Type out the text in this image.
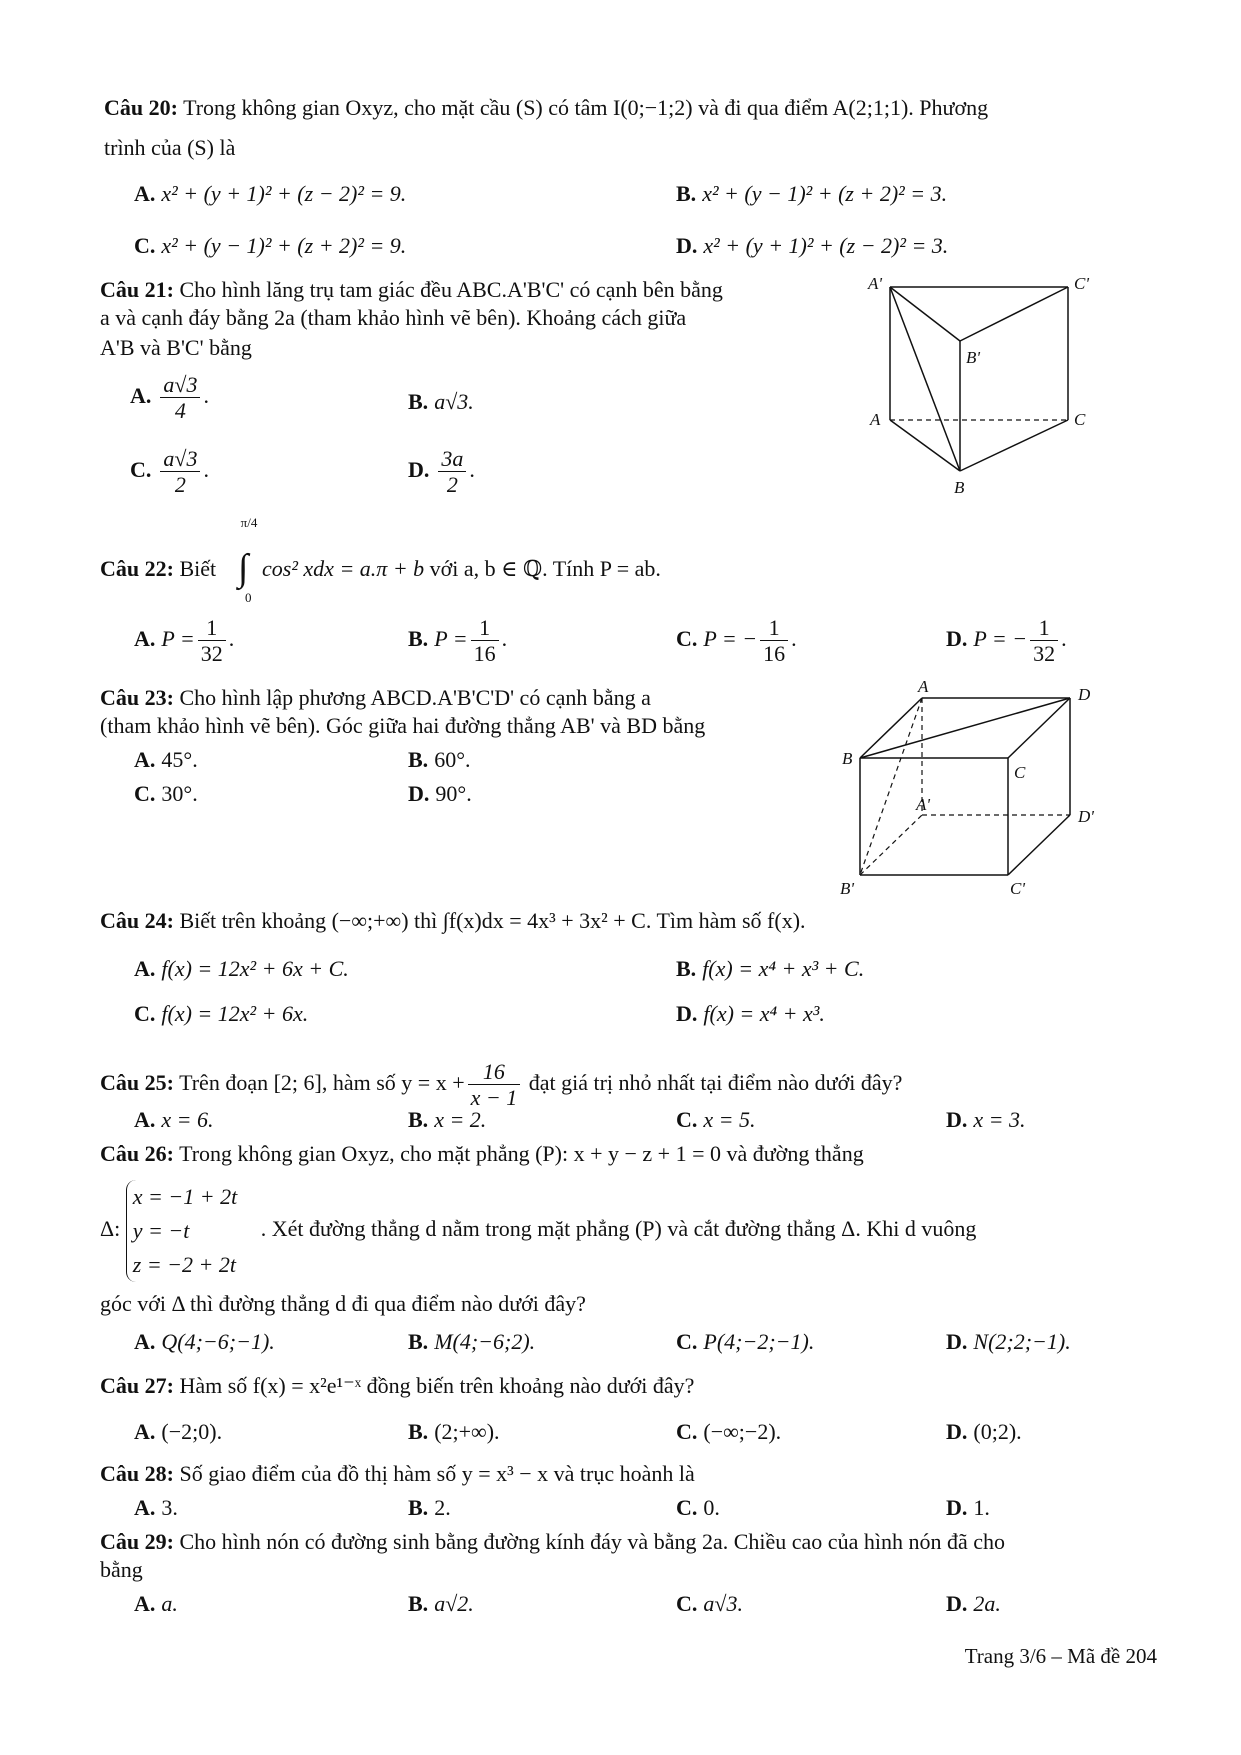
Câu 20: Trong không gian Oxyz, cho mặt cầu (S) có tâm I(0;−1;2) và đi qua điểm A(2;1;1). Phương
trình của (S) là
A. x² + (y + 1)² + (z − 2)² = 9.	B. x² + (y − 1)² + (z + 2)² = 3.
C. x² + (y − 1)² + (z + 2)² = 9.	D. x² + (y + 1)² + (z − 2)² = 3.
Câu 21: Cho hình lăng trụ tam giác đều ABC.A'B'C' có cạnh bên bằng
a và cạnh đáy bằng 2a (tham khảo hình vẽ bên). Khoảng cách giữa
A'B và B'C' bằng
A. $\frac{a√3}{4}$ .	B. a√3.
C. $\frac{a√3}{2}$ .	D. $\frac{3a}{2}$ .
A'	C'
B'
A	C
B
Câu 22: Biết
π/4
∫
0
cos² xdx = a.π + b với a, b ∈ ℚ. Tính P = ab.
A. $P = \frac{1}{32}$ .	B. $P = \frac{1}{16}$ .	C. P = − $\frac{1}{16}$ .	D. P = − $\frac{1}{32}$ .
Câu 23: Cho hình lập phương ABCD.A'B'C'D' có cạnh bằng a
(tham khảo hình vẽ bên). Góc giữa hai đường thẳng AB' và BD bằng
A. 45°.	B. 60°.
C. 30°.	D. 90°.
A	D
B
C
A'
D'
B'	C'
Câu 24: Biết trên khoảng (−∞;+∞) thì ∫f(x)dx = 4x³ + 3x² + C. Tìm hàm số f(x).
A. f(x) = 12x² + 6x + C.	B. f(x) = x⁴ + x³ + C.
C. f(x) = 12x² + 6x.	D. f(x) = x⁴ + x³.
Câu 25: Trên đoạn [2; 6], hàm số $y = x + \frac{16}{x - 1}$ đạt giá trị nhỏ nhất tại điểm nào dưới đây?
A. x = 6.	B. x = 2.	C. x = 5.	D. x = 3.
Câu 26: Trong không gian Oxyz, cho mặt phẳng (P): x + y − z + 1 = 0 và đường thẳng
Δ:
x = −1 + 2t
y = −t
z = −2 + 2t
. Xét đường thẳng d nằm trong mặt phẳng (P) và cắt đường thẳng Δ. Khi d vuông
góc với Δ thì đường thẳng d đi qua điểm nào dưới đây?
A. Q(4;−6;−1).	B. M(4;−6;2).	C. P(4;−2;−1).	D. N(2;2;−1).
Câu 27: Hàm số f(x) = x²e¹⁻ˣ đồng biến trên khoảng nào dưới đây?
A. (−2;0).	B. (2;+∞).	C. (−∞;−2).	D. (0;2).
Câu 28: Số giao điểm của đồ thị hàm số y = x³ − x và trục hoành là
A. 3.	B. 2.	C. 0.	D. 1.
Câu 29: Cho hình nón có đường sinh bằng đường kính đáy và bằng 2a. Chiều cao của hình nón đã cho
bằng
A. a.	B. a√2.	C. a√3.	D. 2a.
Trang 3/6 – Mã đề 204
